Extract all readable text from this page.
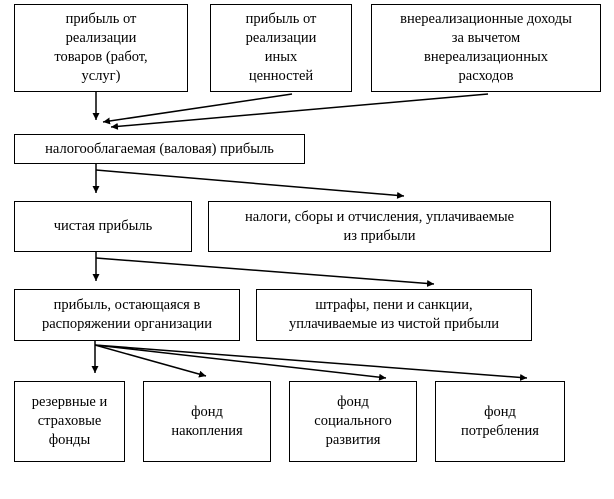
прибыль от
реализации
товаров (работ,
услуг)
прибыль от
реализации
иных
ценностей
внереализационные доходы
за вычетом
внереализационных
расходов
налогооблагаемая (валовая) прибыль
чистая прибыль
налоги, сборы и отчисления, уплачиваемые
из прибыли
прибыль, остающаяся в
распоряжении организации
штрафы, пени и санкции,
уплачиваемые из чистой прибыли
резервные и
страховые
фонды
фонд
накопления
фонд
социального
развития
фонд
потребления
